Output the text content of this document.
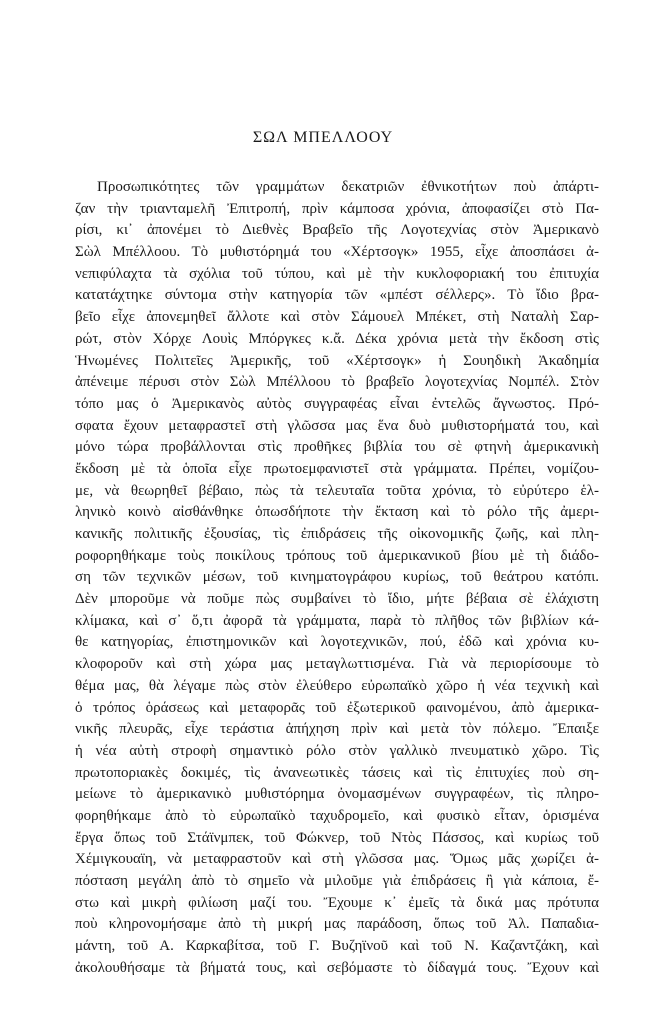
ΣΩΛ ΜΠΕΛΛΟΟΥ
Προσωπικότητες τῶν γραμμάτων δεκατριῶν ἐθνικοτήτων ποὺ ἀπάρτι-
ζαν τὴν τριανταμελῆ Ἐπιτροπή, πρὶν κάμποσα χρόνια, ἀποφασίζει στὸ Πα-
ρίσι, κι᾽ ἀπονέμει τὸ Διεθνὲς Βραβεῖο τῆς Λογοτεχνίας στὸν Ἀμερικανὸ
Σὼλ Μπέλλοου. Τὸ μυθιστόρημά του «Χέρτσογκ» 1955, εἶχε ἀποσπάσει ἀ-
νεπιφύλαχτα τὰ σχόλια τοῦ τύπου, καὶ μὲ τὴν κυκλοφοριακή του ἐπιτυχία
κατατάχτηκε σύντομα στὴν κατηγορία τῶν «μπέστ σέλλερς». Τὸ ἴδιο βρα-
βεῖο εἶχε ἀπονεμηθεῖ ἄλλοτε καὶ στὸν Σάμουελ Μπέκετ, στὴ Ναταλὴ Σαρ-
ρώτ, στὸν Χόρχε Λουὶς Μπόργκες κ.ἄ. Δέκα χρόνια μετὰ τὴν ἔκδοση στὶς
Ἡνωμένες Πολιτεῖες Ἀμερικῆς, τοῦ «Χέρτσογκ» ἡ Σουηδικὴ Ἀκαδημία
ἀπένειμε πέρυσι στὸν Σὼλ Μπέλλοου τὸ βραβεῖο λογοτεχνίας Νομπέλ. Στὸν
τόπο μας ὁ Ἀμερικανὸς αὐτὸς συγγραφέας εἶναι ἐντελῶς ἄγνωστος. Πρό-
σφατα ἔχουν μεταφραστεῖ στὴ γλῶσσα μας ἕνα δυὸ μυθιστορήματά του, καὶ
μόνο τώρα προβάλλονται στὶς προθῆκες βιβλία του σὲ φτηνὴ ἀμερικανικὴ
ἔκδοση μὲ τὰ ὁποῖα εἶχε πρωτοεμφανιστεῖ στὰ γράμματα. Πρέπει, νομίζου-
με, νὰ θεωρηθεῖ βέβαιο, πὼς τὰ τελευταῖα τοῦτα χρόνια, τὸ εὐρύτερο ἑλ-
ληνικὸ κοινὸ αἰσθάνθηκε ὁπωσδήποτε τὴν ἔκταση καὶ τὸ ρόλο τῆς ἀμερι-
κανικῆς πολιτικῆς ἐξουσίας, τὶς ἐπιδράσεις τῆς οἰκονομικῆς ζωῆς, καὶ πλη-
ροφορηθήκαμε τοὺς ποικίλους τρόπους τοῦ ἀμερικανικοῦ βίου μὲ τὴ διάδο-
ση τῶν τεχνικῶν μέσων, τοῦ κινηματογράφου κυρίως, τοῦ θεάτρου κατόπι.
Δὲν μποροῦμε νὰ ποῦμε πὼς συμβαίνει τὸ ἴδιο, μήτε βέβαια σὲ ἐλάχιστη
κλίμακα, καὶ σ᾽ ὅ,τι ἀφορᾶ τὰ γράμματα, παρὰ τὸ πλῆθος τῶν βιβλίων κά-
θε κατηγορίας, ἐπιστημονικῶν καὶ λογοτεχνικῶν, πού, ἐδῶ καὶ χρόνια κυ-
κλοφοροῦν καὶ στὴ χώρα μας μεταγλωττισμένα. Γιὰ νὰ περιορίσουμε τὸ
θέμα μας, θὰ λέγαμε πὼς στὸν ἐλεύθερο εὐρωπαϊκὸ χῶρο ἡ νέα τεχνικὴ καὶ
ὁ τρόπος ὁράσεως καὶ μεταφορᾶς τοῦ ἐξωτερικοῦ φαινομένου, ἀπὸ ἀμερικα-
νικῆς πλευρᾶς, εἶχε τεράστια ἀπήχηση πρὶν καὶ μετὰ τὸν πόλεμο. Ἔπαιξε
ἡ νέα αὐτὴ στροφὴ σημαντικὸ ρόλο στὸν γαλλικὸ πνευματικὸ χῶρο. Τὶς
πρωτοποριακὲς δοκιμές, τὶς ἀνανεωτικὲς τάσεις καὶ τὶς ἐπιτυχίες ποὺ ση-
μείωνε τὸ ἀμερικανικὸ μυθιστόρημα ὀνομασμένων συγγραφέων, τὶς πληρο-
φορηθήκαμε ἀπὸ τὸ εὐρωπαϊκὸ ταχυδρομεῖο, καὶ φυσικὸ εἶταν, ὁρισμένα
ἔργα ὅπως τοῦ Στάϊνμπεκ, τοῦ Φώκνερ, τοῦ Ντὸς Πάσσος, καὶ κυρίως τοῦ
Χέμιγκουαϊη, νὰ μεταφραστοῦν καὶ στὴ γλῶσσα μας. Ὅμως μᾶς χωρίζει ἀ-
πόσταση μεγάλη ἀπὸ τὸ σημεῖο νὰ μιλοῦμε γιὰ ἐπιδράσεις ἢ γιὰ κάποια, ἔ-
στω καὶ μικρὴ φιλίωση μαζί του. Ἔχουμε κ᾽ ἐμεῖς τὰ δικά μας πρότυπα
ποὺ κληρονομήσαμε ἀπὸ τὴ μικρή μας παράδοση, ὅπως τοῦ Ἀλ. Παπαδια-
μάντη, τοῦ Α. Καρκαβίτσα, τοῦ Γ. Βυζηϊνοῦ καὶ τοῦ Ν. Καζαντζάκη, καὶ
ἀκολουθήσαμε τὰ βήματά τους, καὶ σεβόμαστε τὸ δίδαγμά τους. Ἔχουν καὶ
